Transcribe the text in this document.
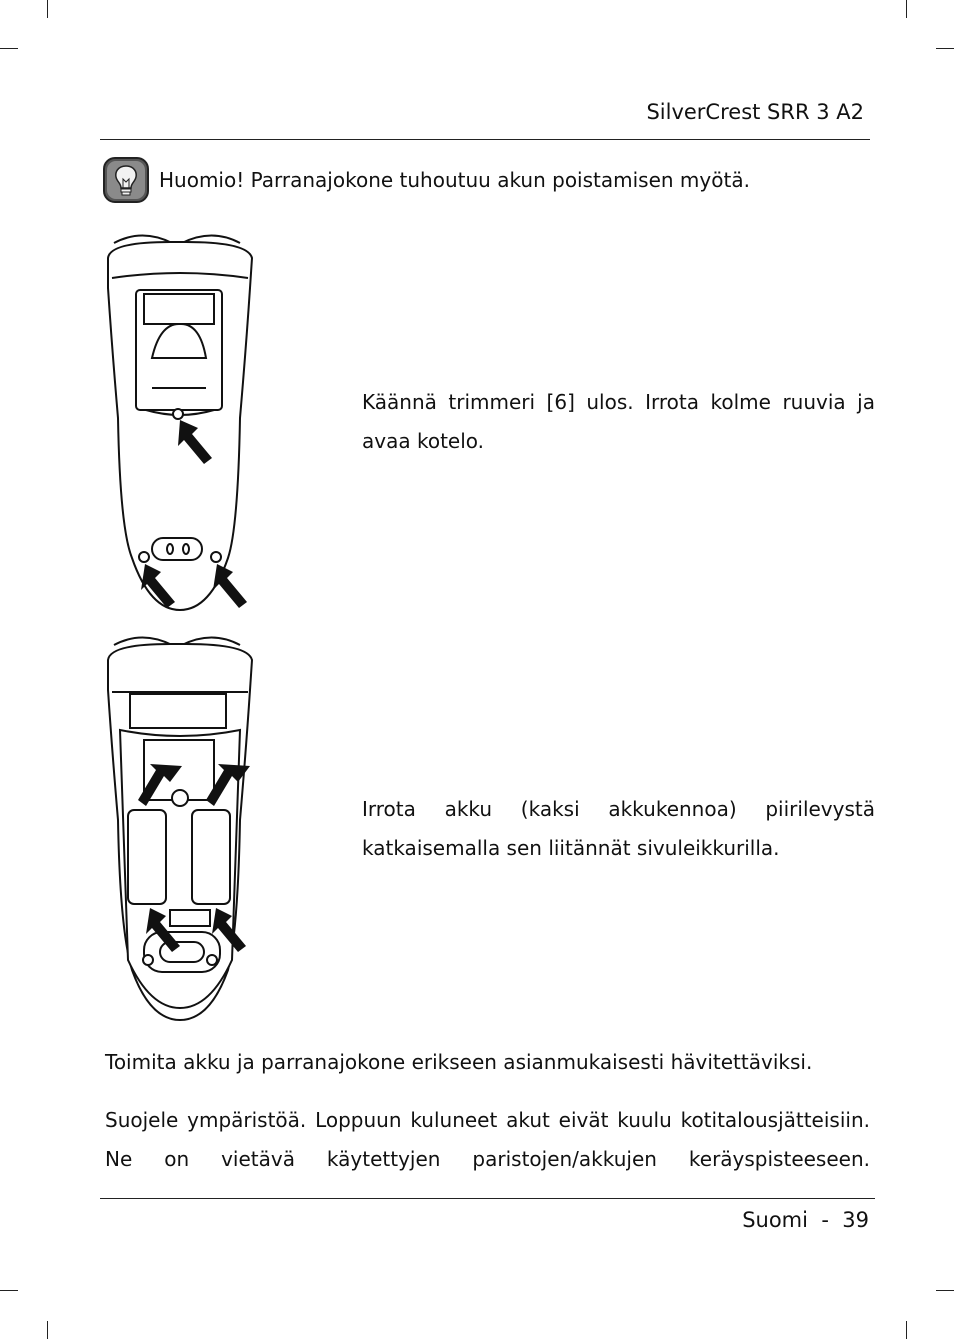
SilverCrest SRR 3 A2
Huomio! Parranajokone tuhoutuu akun poistamisen myötä.
Käännä trimmeri [6] ulos. Irrota kolme ruuvia ja avaa kotelo.
Irrota akku (kaksi akkukennoa) piirilevystä katkaisemalla sen liitännät sivuleikkurilla.
Toimita akku ja parranajokone erikseen asianmukaisesti hävitettäviksi.
Suojele ympäristöä. Loppuun kuluneet akut eivät kuulu kotitalousjätteisiin. Ne on vietävä käytettyjen paristojen/akkujen keräyspisteeseen.
Suomi - 39
